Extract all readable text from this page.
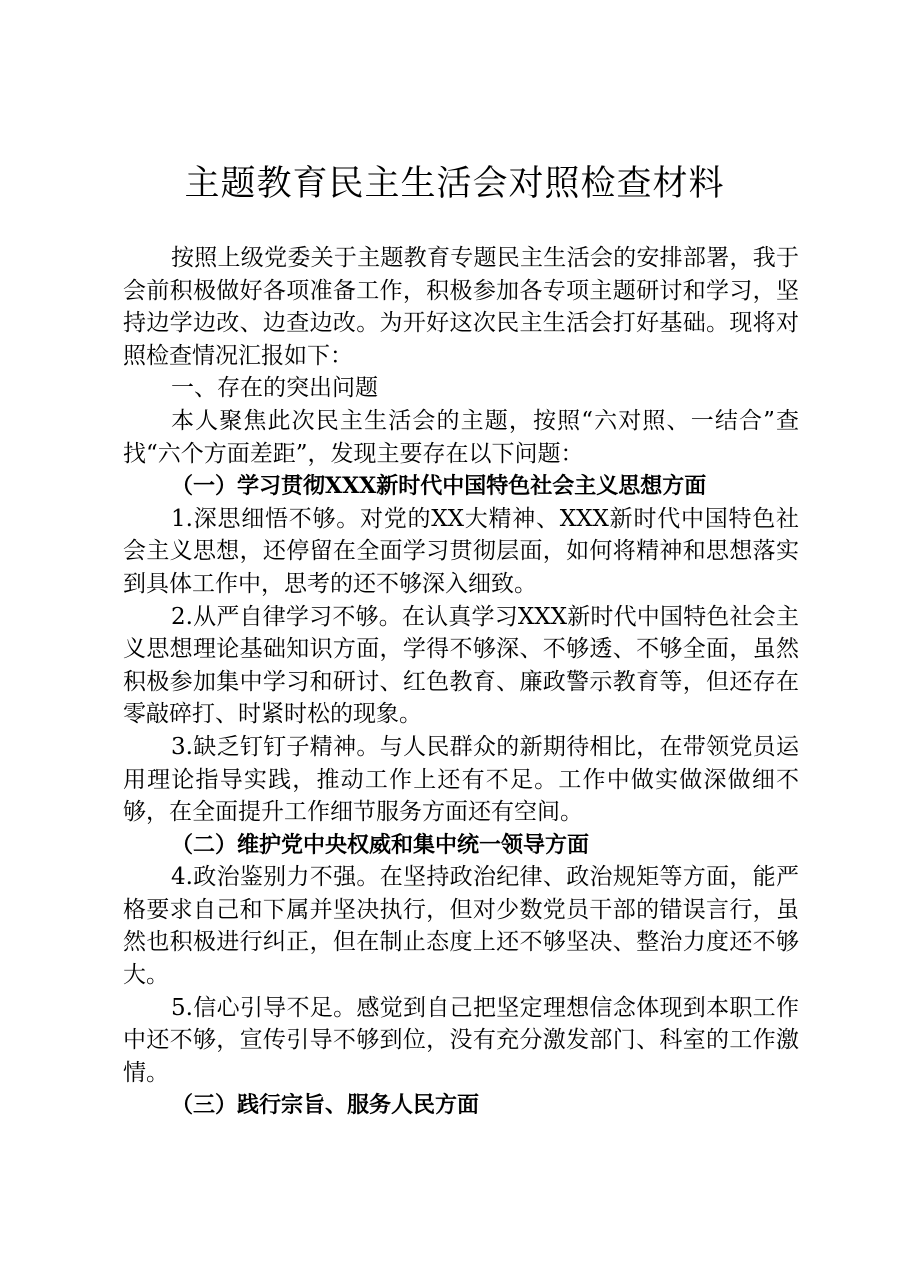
主题教育民主生活会对照检查材料

按照上级党委关于主题教育专题民主生活会的安排部署，我于会前积极做好各项准备工作，积极参加各专项主题研讨和学习，坚持边学边改、边查边改。为开好这次民主生活会打好基础。现将对照检查情况汇报如下：

一、存在的突出问题

本人聚焦此次民主生活会的主题，按照“六对照、一结合”查找“六个方面差距”，发现主要存在以下问题：

（一）学习贯彻XXX新时代中国特色社会主义思想方面

1.深思细悟不够。对党的XX大精神、XXX新时代中国特色社会主义思想，还停留在全面学习贯彻层面，如何将精神和思想落实到具体工作中，思考的还不够深入细致。

2.从严自律学习不够。在认真学习XXX新时代中国特色社会主义思想理论基础知识方面，学得不够深、不够透、不够全面，虽然积极参加集中学习和研讨、红色教育、廉政警示教育等，但还存在零敲碎打、时紧时松的现象。

3.缺乏钉钉子精神。与人民群众的新期待相比，在带领党员运用理论指导实践，推动工作上还有不足。工作中做实做深做细不够，在全面提升工作细节服务方面还有空间。

（二）维护党中央权威和集中统一领导方面

4.政治鉴别力不强。在坚持政治纪律、政治规矩等方面，能严格要求自己和下属并坚决执行，但对少数党员干部的错误言行，虽然也积极进行纠正，但在制止态度上还不够坚决、整治力度还不够大。

5.信心引导不足。感觉到自己把坚定理想信念体现到本职工作中还不够，宣传引导不够到位，没有充分激发部门、科室的工作激情。

（三）践行宗旨、服务人民方面
